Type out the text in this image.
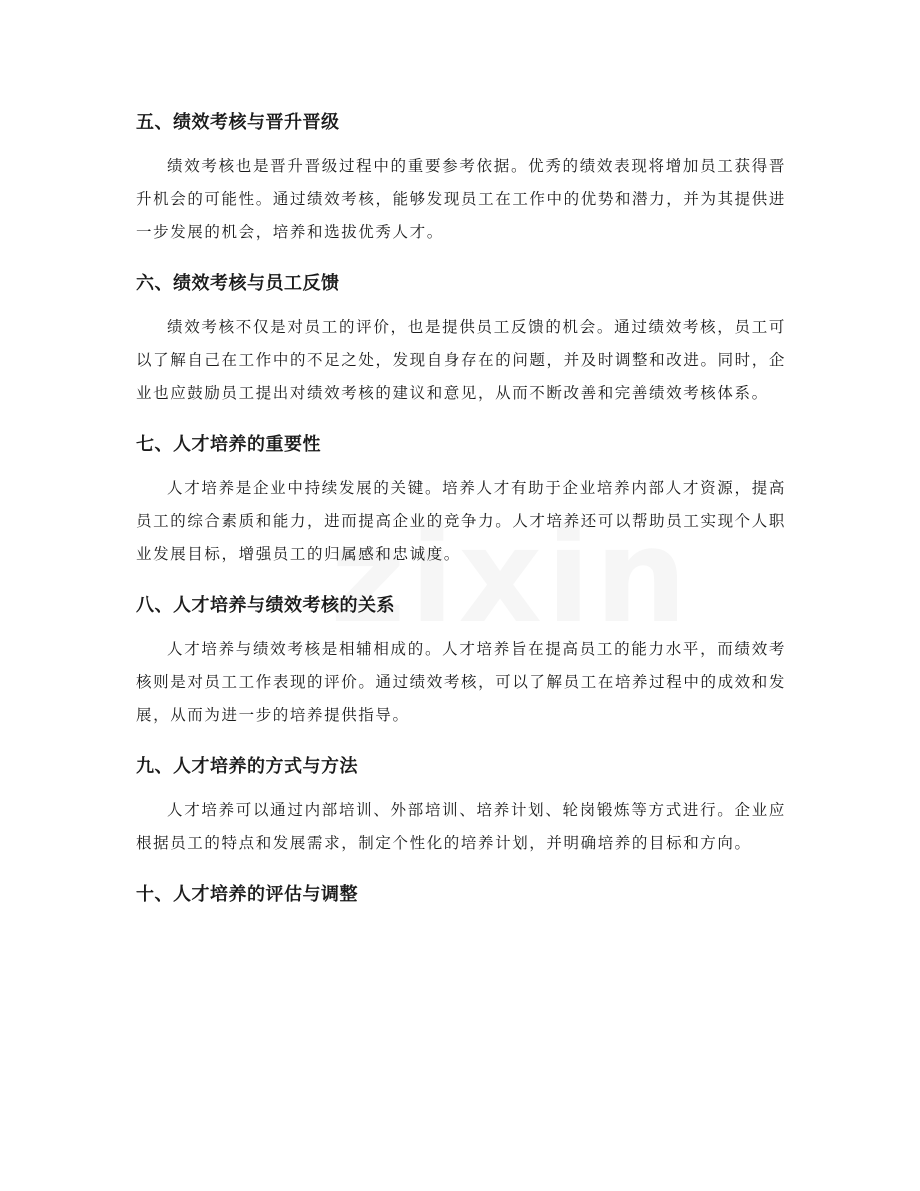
五、绩效考核与晋升晋级

绩效考核也是晋升晋级过程中的重要参考依据。优秀的绩效表现将增加员工获得晋升机会的可能性。通过绩效考核，能够发现员工在工作中的优势和潜力，并为其提供进一步发展的机会，培养和选拔优秀人才。

六、绩效考核与员工反馈

绩效考核不仅是对员工的评价，也是提供员工反馈的机会。通过绩效考核，员工可以了解自己在工作中的不足之处，发现自身存在的问题，并及时调整和改进。同时，企业也应鼓励员工提出对绩效考核的建议和意见，从而不断改善和完善绩效考核体系。

七、人才培养的重要性

人才培养是企业中持续发展的关键。培养人才有助于企业培养内部人才资源，提高员工的综合素质和能力，进而提高企业的竞争力。人才培养还可以帮助员工实现个人职业发展目标，增强员工的归属感和忠诚度。

八、人才培养与绩效考核的关系

人才培养与绩效考核是相辅相成的。人才培养旨在提高员工的能力水平，而绩效考核则是对员工工作表现的评价。通过绩效考核，可以了解员工在培养过程中的成效和发展，从而为进一步的培养提供指导。

九、人才培养的方式与方法

人才培养可以通过内部培训、外部培训、培养计划、轮岗锻炼等方式进行。企业应根据员工的特点和发展需求，制定个性化的培养计划，并明确培养的目标和方向。

十、人才培养的评估与调整
